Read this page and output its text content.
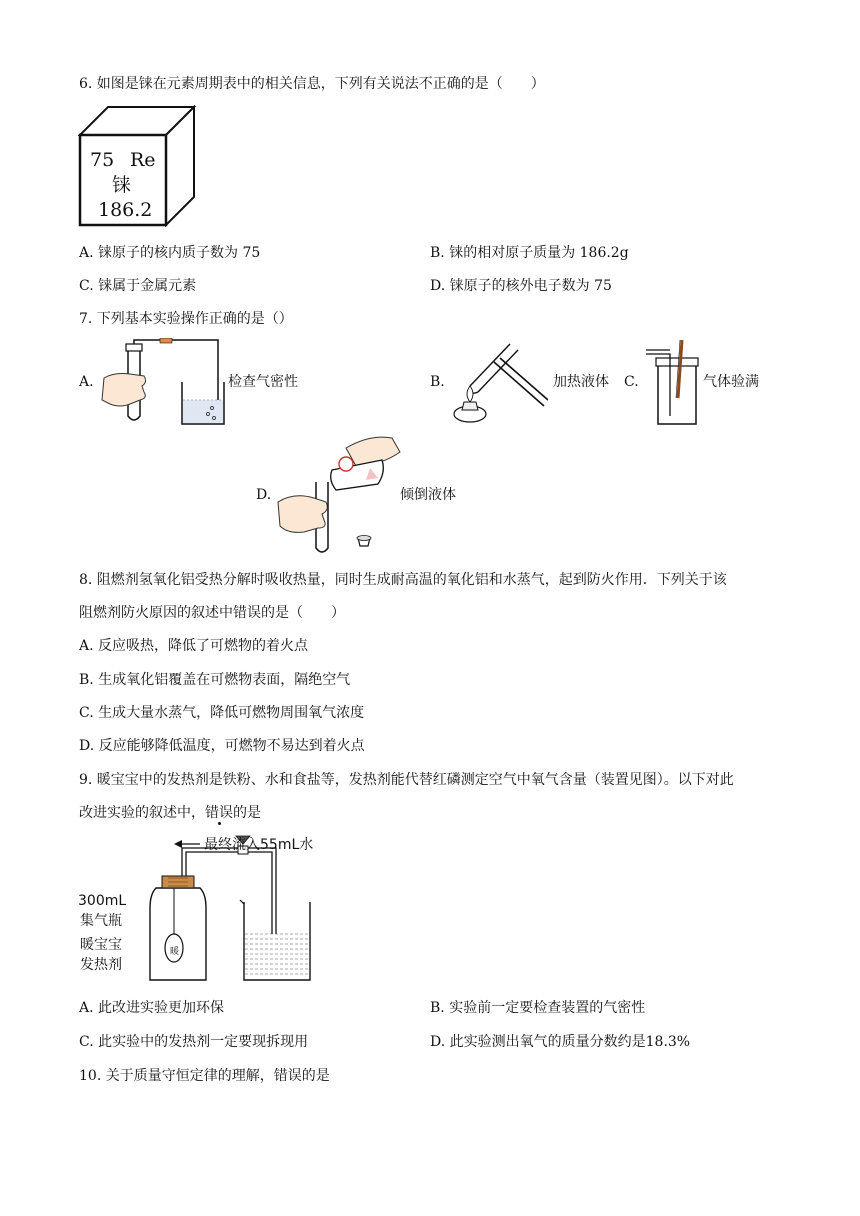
6. 如图是铼在元素周期表中的相关信息，下列有关说法不正确的是（　　）
75 Re
铼
186.2
A. 铼原子的核内质子数为 75	B. 铼的相对原子质量为 186.2g
C. 铼属于金属元素	D. 铼原子的核外电子数为 75
7. 下列基本实验操作正确的是（）
A.	检查气密性	B.	加热液体 C.	气体验满
D.	倾倒液体
8. 阻燃剂氢氧化铝受热分解时吸收热量，同时生成耐高温的氧化铝和水蒸气，起到防火作用．下列关于该
阻燃剂防火原因的叙述中错误的是（　　）
A. 反应吸热，降低了可燃物的着火点
B. 生成氧化铝覆盖在可燃物表面，隔绝空气
C. 生成大量水蒸气，降低可燃物周围氧气浓度
D. 反应能够降低温度，可燃物不易达到着火点
9. 暖宝宝中的发热剂是铁粉、水和食盐等，发热剂能代替红磷测定空气中氧气含量（装置见图）。以下对此
改进实验的叙述中，错误的是
暖
最终流入55mL水
300mL
集气瓶
暖宝宝
发热剂
A. 此改进实验更加环保	B. 实验前一定要检查装置的气密性
C. 此实验中的发热剂一定要现拆现用	D. 此实验测出氧气的质量分数约是18.3%
10. 关于质量守恒定律的理解，错误的是
